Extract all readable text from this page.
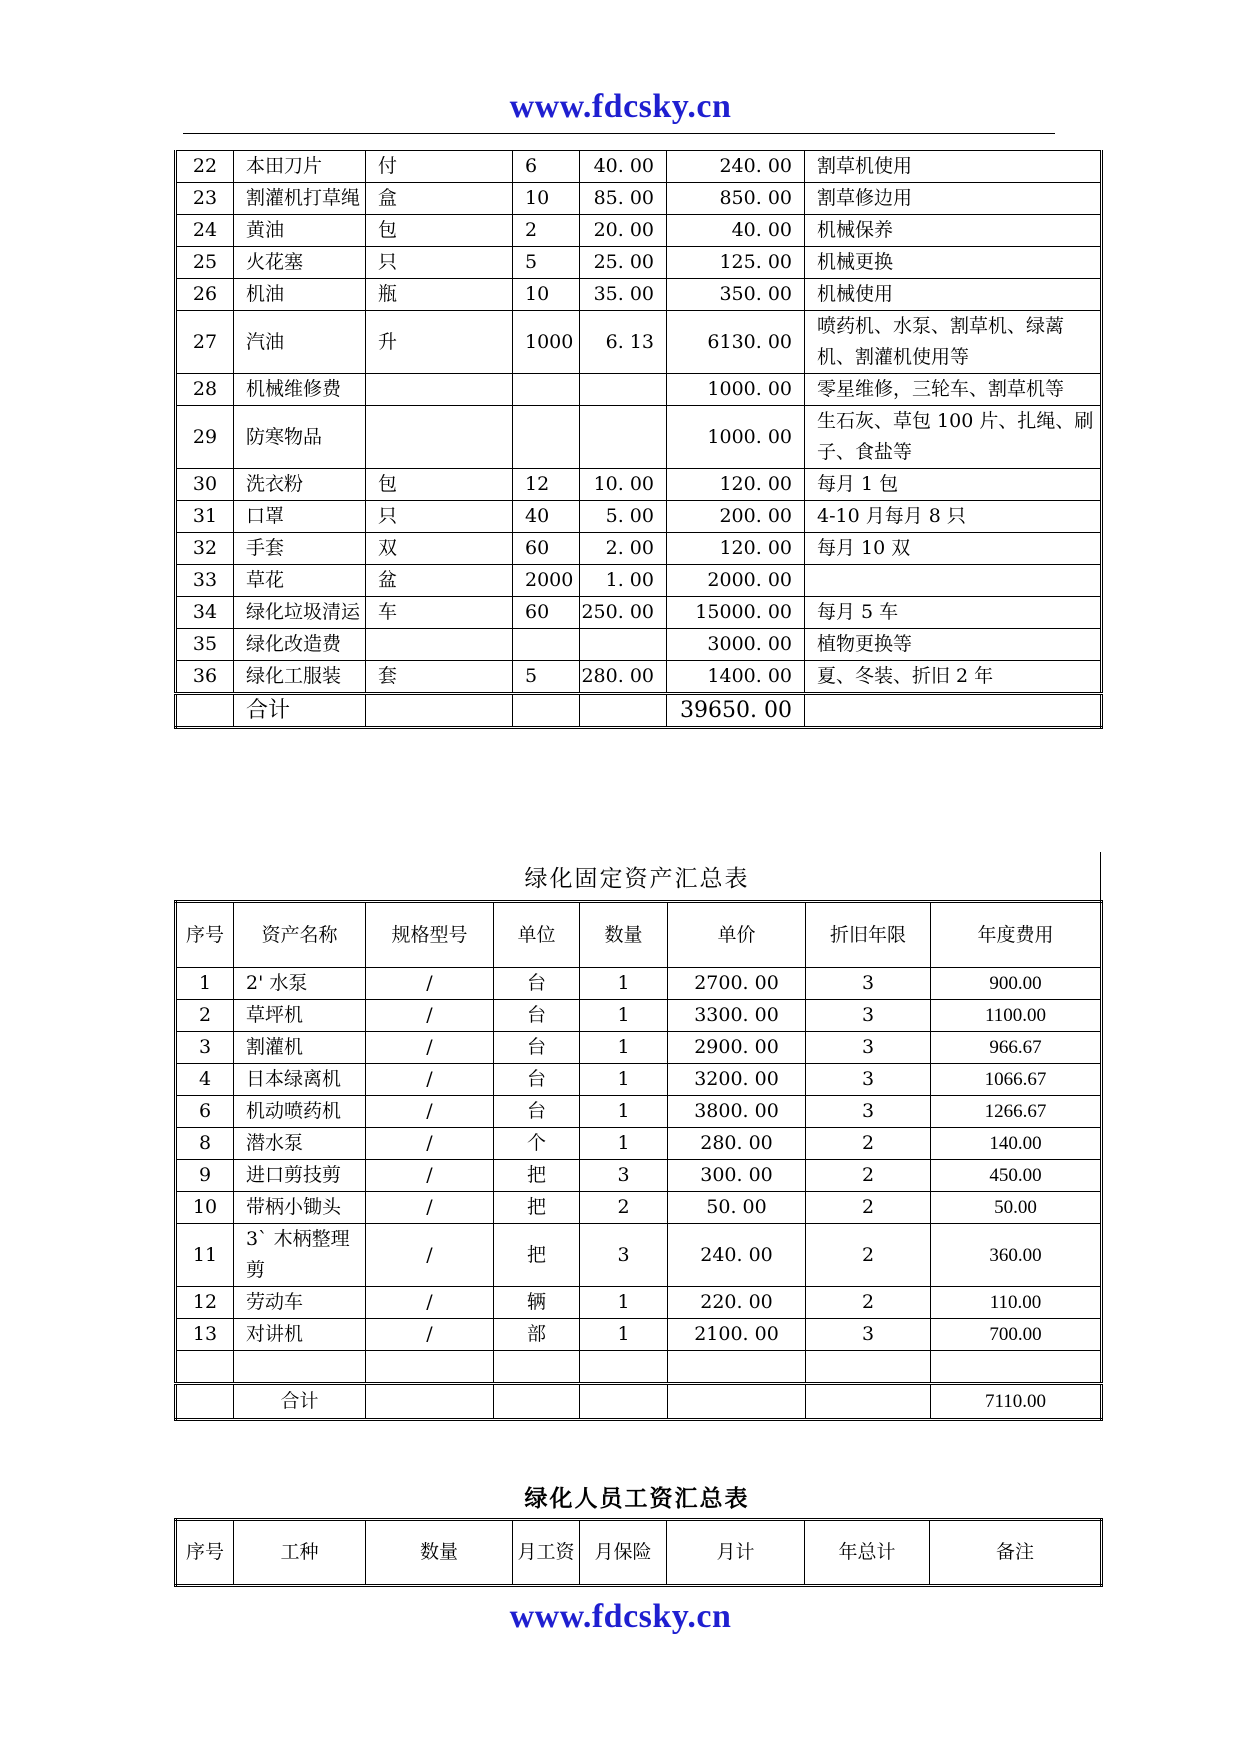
www.fdcsky.cn
22	本田刀片	付	6	40. 00	240. 00	割草机使用
23	割灌机打草绳	盒	10	85. 00	850. 00	割草修边用
24	黄油	包	2	20. 00	40. 00	机械保养
25	火花塞	只	5	25. 00	125. 00	机械更换
26	机油	瓶	10	35. 00	350. 00	机械使用
27	汽油	升	1000	6. 13	6130. 00	喷药机、水泵、割草机、绿蓠机、割灌机使用等
28	机械维修费				1000. 00	零星维修，三轮车、割草机等
29	防寒物品				1000. 00	生石灰、草包 100 片、扎绳、刷子、食盐等
30	洗衣粉	包	12	10. 00	120. 00	每月 1 包
31	口罩	只	40	5. 00	200. 00	4-10 月每月 8 只
32	手套	双	60	2. 00	120. 00	每月 10 双
33	草花	盆	2000	1. 00	2000. 00	
34	绿化垃圾清运	车	60	250. 00	15000. 00	每月 5 车
35	绿化改造费				3000. 00	植物更换等
36	绿化工服装	套	5	280. 00	1400. 00	夏、冬装、折旧 2 年
	合计				39650. 00	
绿化固定资产汇总表
序号	资产名称	规格型号	单位	数量	单价	折旧年限	年度费用
1	2' 水泵	/	台	1	2700. 00	3	900.00
2	草坪机	/	台	1	3300. 00	3	1100.00
3	割灌机	/	台	1	2900. 00	3	966.67
4	日本绿离机	/	台	1	3200. 00	3	1066.67
6	机动喷药机	/	台	1	3800. 00	3	1266.67
8	潜水泵	/	个	1	280. 00	2	140.00
9	进口剪技剪	/	把	3	300. 00	2	450.00
10	带柄小锄头	/	把	2	50. 00	2	50.00
11	3` 木柄整理剪	/	把	3	240. 00	2	360.00
12	劳动车	/	辆	1	220. 00	2	110.00
13	对讲机	/	部	1	2100. 00	3	700.00

	合计						7110.00
绿化人员工资汇总表
序号	工种	数量	月工资	月保险	月计	年总计	备注
www.fdcsky.cn
